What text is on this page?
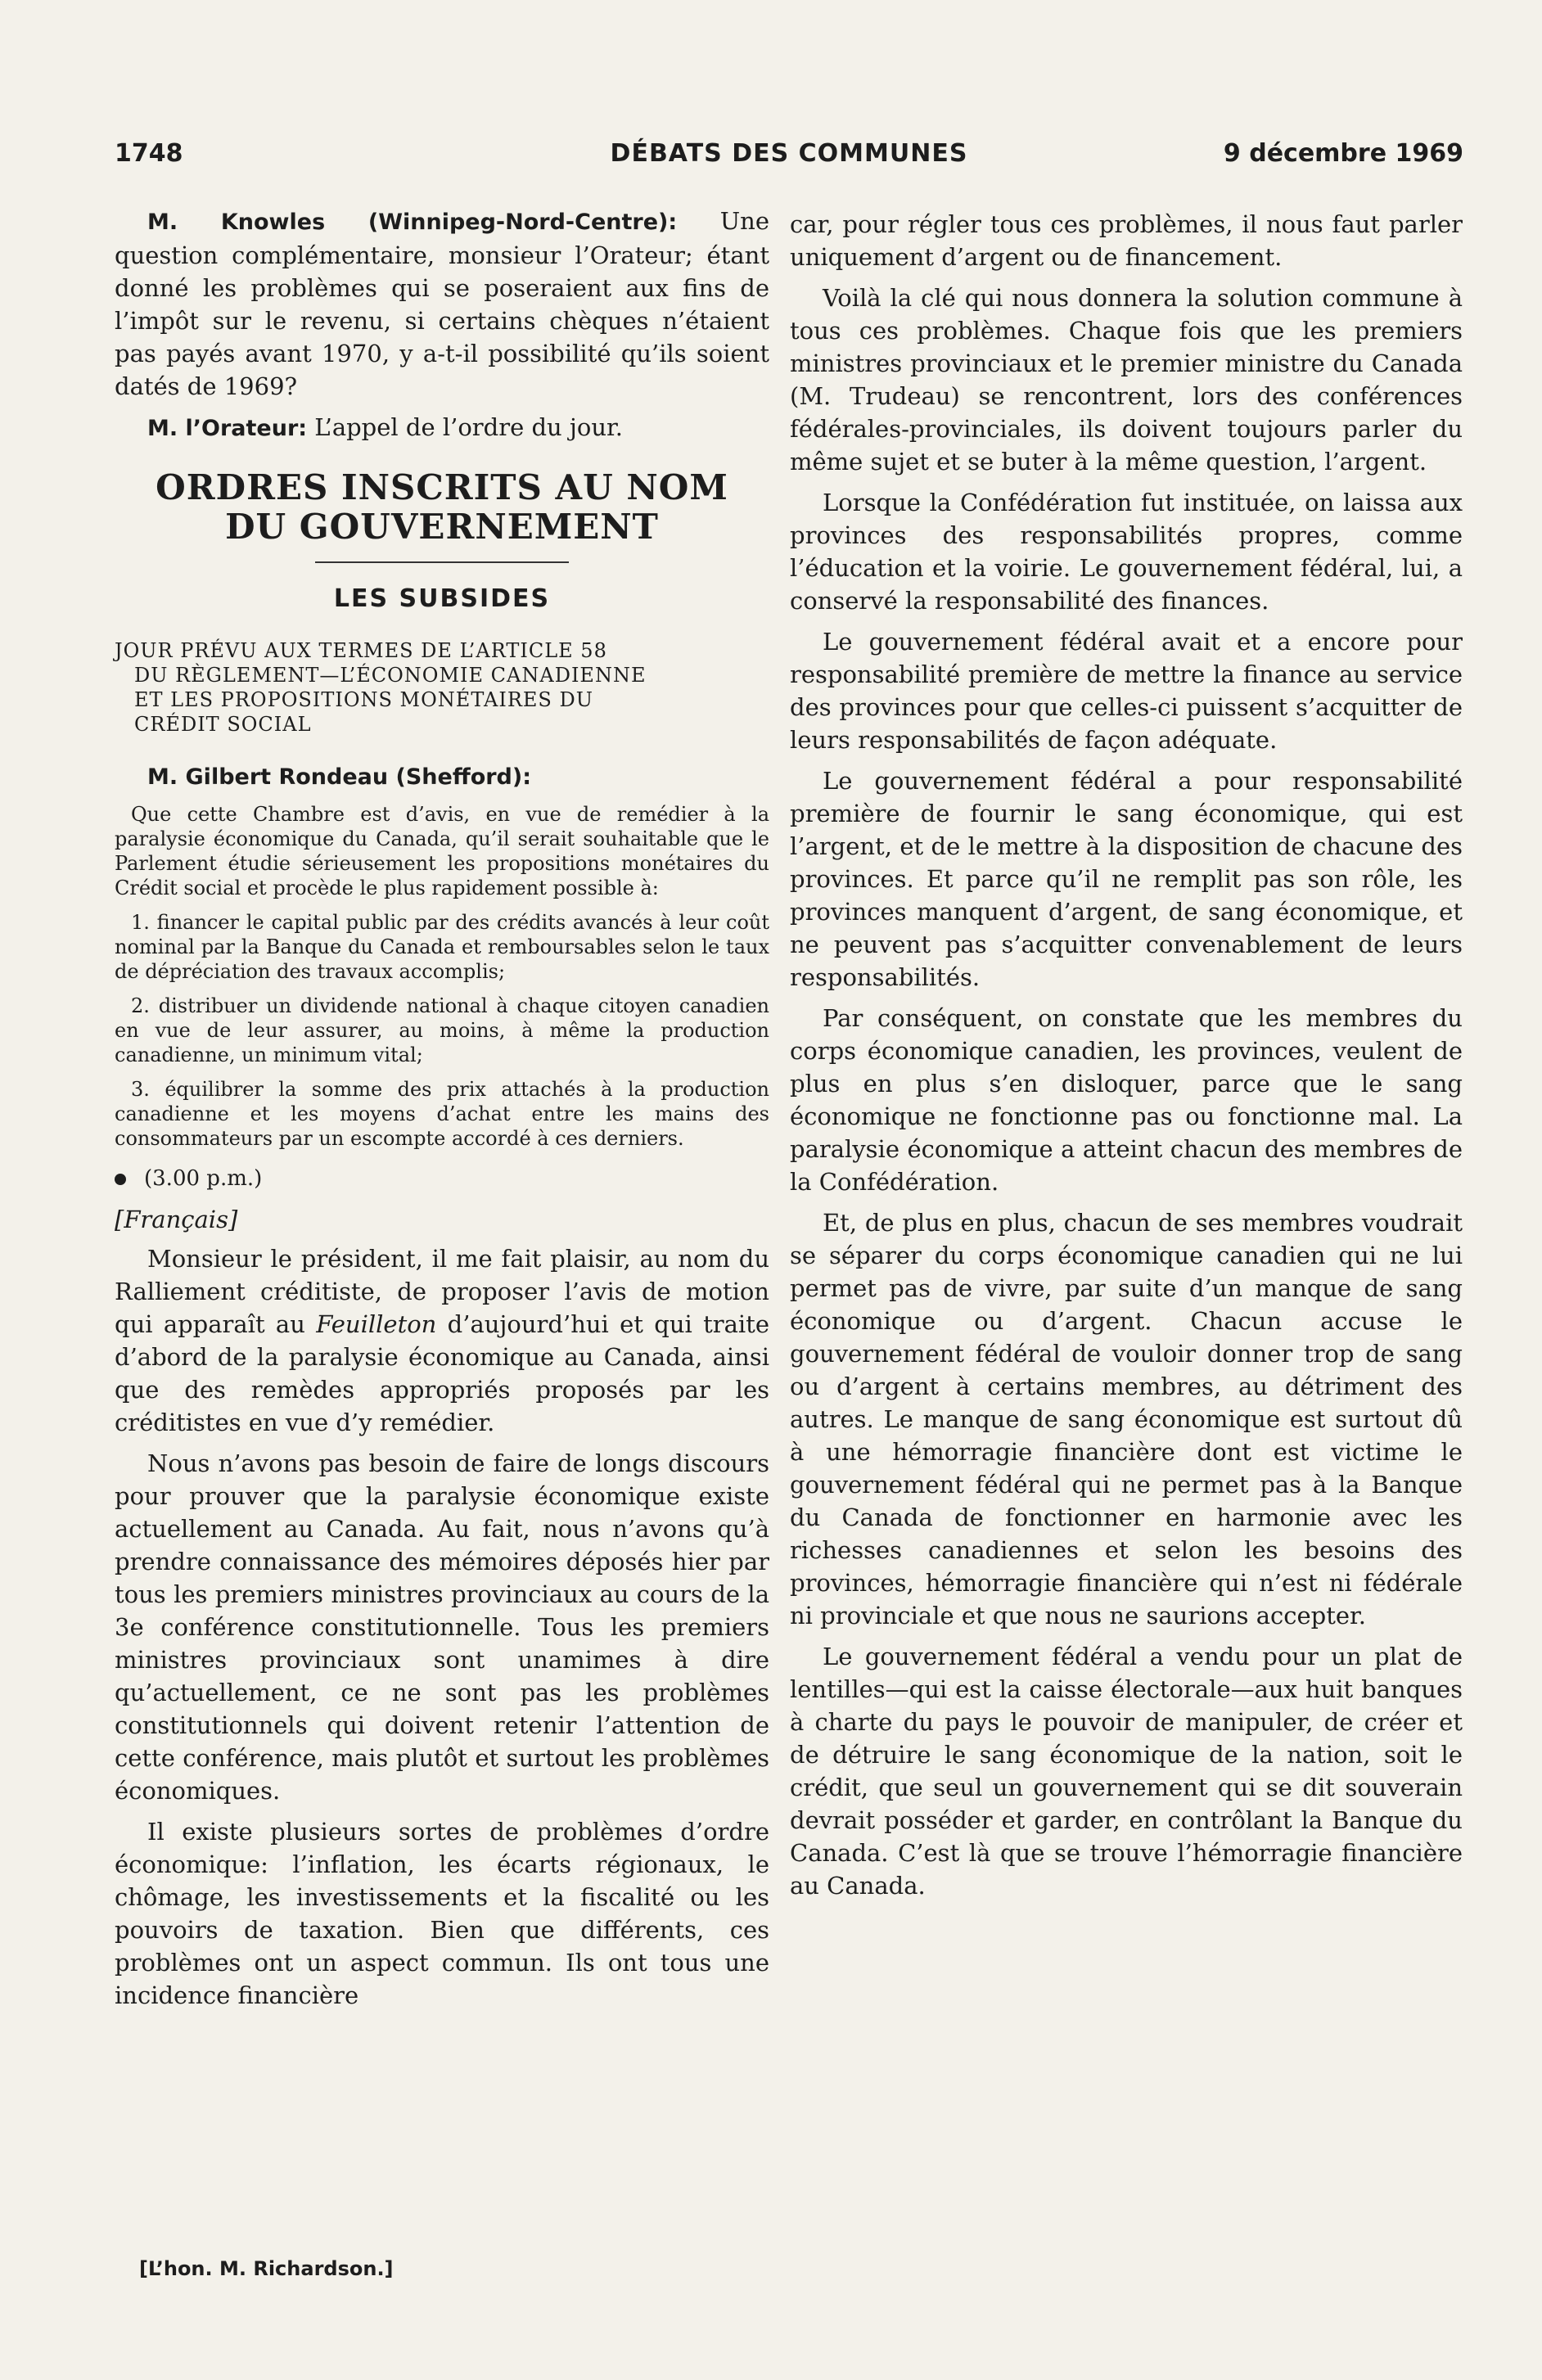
1748	DÉBATS DES COMMUNES	9 décembre 1969

M. Knowles (Winnipeg-Nord-Centre): Une question complémentaire, monsieur l’Orateur; étant donné les problèmes qui se poseraient aux fins de l’impôt sur le revenu, si certains chèques n’étaient pas payés avant 1970, y a-t-il possibilité qu’ils soient datés de 1969?

M. l’Orateur: L’appel de l’ordre du jour.

ORDRES INSCRITS AU NOM
DU GOUVERNEMENT
LES SUBSIDES
JOUR PRÉVU AUX TERMES DE L’ARTICLE 58
DU RÈGLEMENT—L’ÉCONOMIE CANADIENNE
ET LES PROPOSITIONS MONÉTAIRES DU
CRÉDIT SOCIAL

M. Gilbert Rondeau (Shefford):

Que cette Chambre est d’avis, en vue de remédier à la paralysie économique du Canada, qu’il serait souhaitable que le Parlement étudie sérieusement les propositions monétaires du Crédit social et procède le plus rapidement possible à:

1. financer le capital public par des crédits avancés à leur coût nominal par la Banque du Canada et remboursables selon le taux de dépréciation des travaux accomplis;

2. distribuer un dividende national à chaque citoyen canadien en vue de leur assurer, au moins, à même la production canadienne, un minimum vital;

3. équilibrer la somme des prix attachés à la production canadienne et les moyens d’achat entre les mains des consommateurs par un escompte accordé à ces derniers.

(3.00 p.m.)
[Français]

Monsieur le président, il me fait plaisir, au nom du Ralliement créditiste, de proposer l’avis de motion qui apparaît au Feuilleton d’aujourd’hui et qui traite d’abord de la paralysie économique au Canada, ainsi que des remèdes appropriés proposés par les créditistes en vue d’y remédier.

Nous n’avons pas besoin de faire de longs discours pour prouver que la paralysie économique existe actuellement au Canada. Au fait, nous n’avons qu’à prendre connaissance des mémoires déposés hier par tous les premiers ministres provinciaux au cours de la 3e conférence constitutionnelle. Tous les premiers ministres provinciaux sont unamimes à dire qu’actuellement, ce ne sont pas les problèmes constitutionnels qui doivent retenir l’attention de cette conférence, mais plutôt et surtout les problèmes économiques.

Il existe plusieurs sortes de problèmes d’ordre économique: l’inflation, les écarts régionaux, le chômage, les investissements et la fiscalité ou les pouvoirs de taxation. Bien que différents, ces problèmes ont un aspect commun. Ils ont tous une incidence financière

car, pour régler tous ces problèmes, il nous faut parler uniquement d’argent ou de financement.

Voilà la clé qui nous donnera la solution commune à tous ces problèmes. Chaque fois que les premiers ministres provinciaux et le premier ministre du Canada (M. Trudeau) se rencontrent, lors des conférences fédérales-provinciales, ils doivent toujours parler du même sujet et se buter à la même question, l’argent.

Lorsque la Confédération fut instituée, on laissa aux provinces des responsabilités propres, comme l’éducation et la voirie. Le gouvernement fédéral, lui, a conservé la responsabilité des finances.

Le gouvernement fédéral avait et a encore pour responsabilité première de mettre la finance au service des provinces pour que celles-ci puissent s’acquitter de leurs responsabilités de façon adéquate.

Le gouvernement fédéral a pour responsabilité première de fournir le sang économique, qui est l’argent, et de le mettre à la disposition de chacune des provinces. Et parce qu’il ne remplit pas son rôle, les provinces manquent d’argent, de sang économique, et ne peuvent pas s’acquitter convenablement de leurs responsabilités.

Par conséquent, on constate que les membres du corps économique canadien, les provinces, veulent de plus en plus s’en disloquer, parce que le sang économique ne fonctionne pas ou fonctionne mal. La paralysie économique a atteint chacun des membres de la Confédération.

Et, de plus en plus, chacun de ses membres voudrait se séparer du corps économique canadien qui ne lui permet pas de vivre, par suite d’un manque de sang économique ou d’argent. Chacun accuse le gouvernement fédéral de vouloir donner trop de sang ou d’argent à certains membres, au détriment des autres. Le manque de sang économique est surtout dû à une hémorragie financière dont est victime le gouvernement fédéral qui ne permet pas à la Banque du Canada de fonctionner en harmonie avec les richesses canadiennes et selon les besoins des provinces, hémorragie financière qui n’est ni fédérale ni provinciale et que nous ne saurions accepter.

Le gouvernement fédéral a vendu pour un plat de lentilles—qui est la caisse électorale—aux huit banques à charte du pays le pouvoir de manipuler, de créer et de détruire le sang économique de la nation, soit le crédit, que seul un gouvernement qui se dit souverain devrait posséder et garder, en contrôlant la Banque du Canada. C’est là que se trouve l’hémorragie financière au Canada.

[L’hon. M. Richardson.]
